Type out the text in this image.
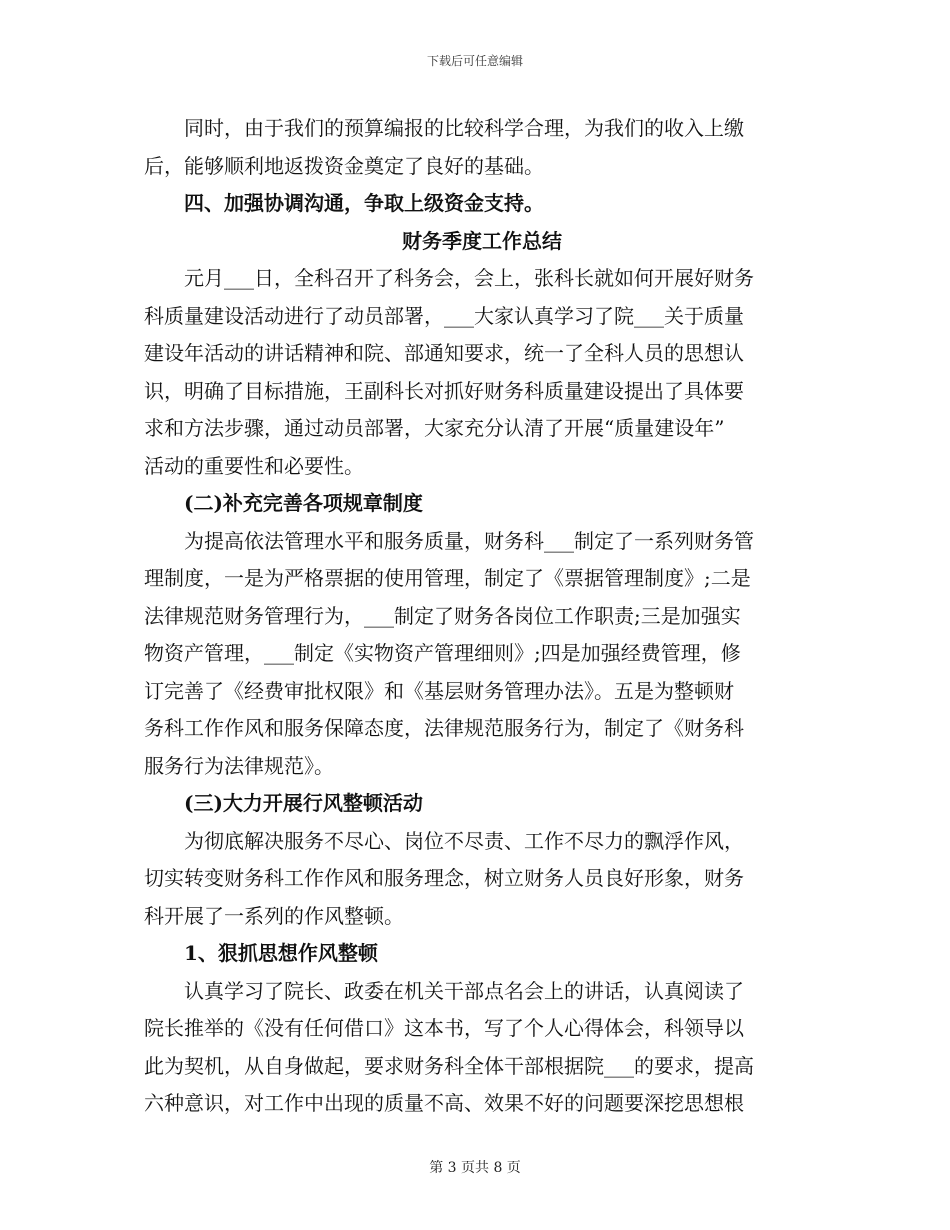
下载后可任意编辑
同时，由于我们的预算编报的比较科学合理，为我们的收入上缴
后，能够顺利地返拨资金奠定了良好的基础。
四、加强协调沟通，争取上级资金支持。
财务季度工作总结
元月___日，全科召开了科务会，会上，张科长就如何开展好财务
科质量建设活动进行了动员部署，___大家认真学习了院___关于质量
建设年活动的讲话精神和院、部通知要求，统一了全科人员的思想认
识，明确了目标措施，王副科长对抓好财务科质量建设提出了具体要
求和方法步骤，通过动员部署，大家充分认清了开展“质量建设年”
活动的重要性和必要性。
(二)补充完善各项规章制度
为提高依法管理水平和服务质量，财务科___制定了一系列财务管
理制度，一是为严格票据的使用管理，制定了《票据管理制度》;二是
法律规范财务管理行为，___制定了财务各岗位工作职责;三是加强实
物资产管理，___制定《实物资产管理细则》;四是加强经费管理，修
订完善了《经费审批权限》和《基层财务管理办法》。五是为整顿财
务科工作作风和服务保障态度，法律规范服务行为，制定了《财务科
服务行为法律规范》。
(三)大力开展行风整顿活动
为彻底解决服务不尽心、岗位不尽责、工作不尽力的飘浮作风，
切实转变财务科工作作风和服务理念，树立财务人员良好形象，财务
科开展了一系列的作风整顿。
1、狠抓思想作风整顿
认真学习了院长、政委在机关干部点名会上的讲话，认真阅读了
院长推举的《没有任何借口》这本书，写了个人心得体会，科领导以
此为契机，从自身做起，要求财务科全体干部根据院___的要求，提高
六种意识，对工作中出现的质量不高、效果不好的问题要深挖思想根
第 3 页共 8 页
